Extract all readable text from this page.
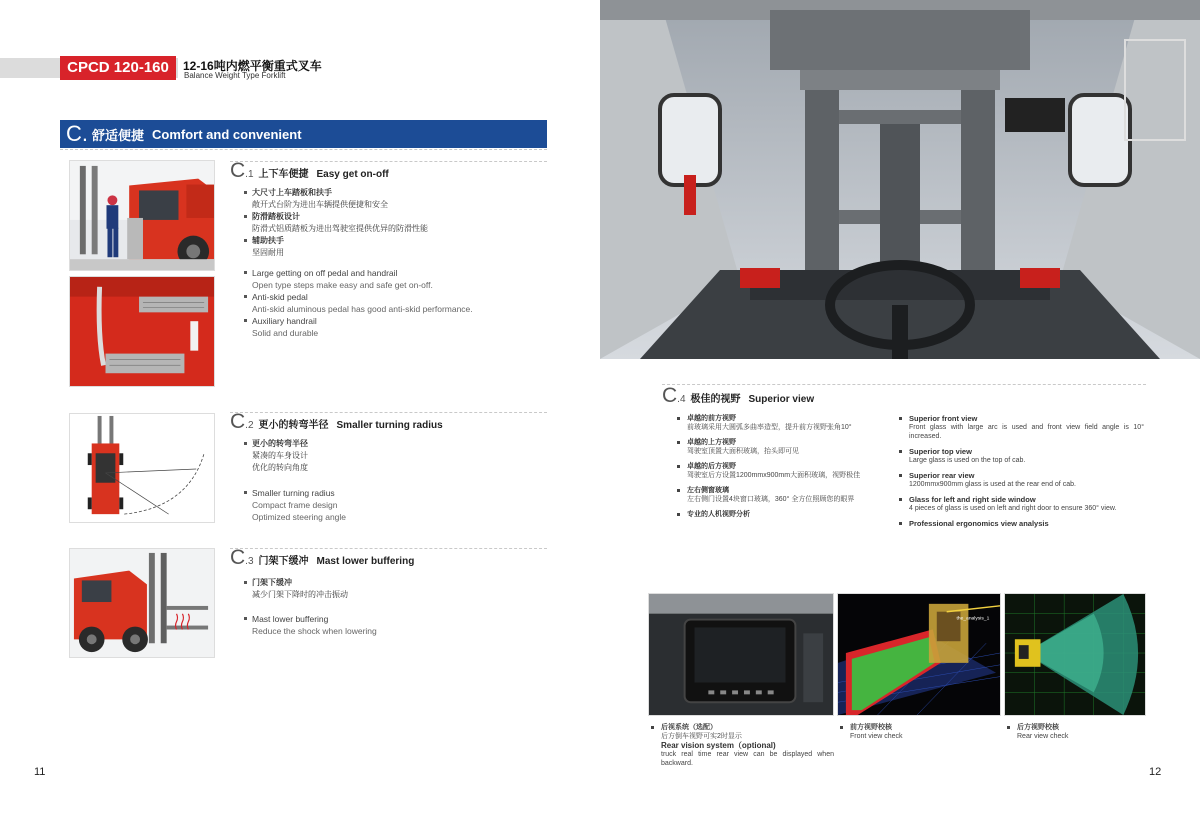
CPCD 120-160	12-16吨内燃平衡重式叉车
Balance Weight Type Forklift
C. 舒适便捷 Comfort and convenient
C .1 上下车便捷 Easy get on-off
大尺寸上车踏板和扶手
敞开式台阶为进出车辆提供便捷和安全
防滑踏板设计
防滑式铝质踏板为进出驾驶室提供优异的防滑性能
辅助扶手
坚固耐用
Large getting on off pedal and handrail
Open type steps make easy and safe get on-off.
Anti-skid pedal
Anti-skid aluminous pedal has good anti-skid performance.
Auxiliary handrail
Solid and durable
C .2 更小的转弯半径 Smaller turning radius
更小的转弯半径
紧凑的车身设计
优化的转向角度
Smaller turning radius
Compact frame design
Optimized steering angle
C .3 门架下缓冲 Mast lower buffering
门架下缓冲
减少门架下降时的冲击振动
Mast lower buffering
Reduce the shock when lowering
11
C .4 极佳的视野 Superior view
卓越的前方视野
前玻璃采用大圆弧多曲率造型，提升前方视野张角10°
卓越的上方视野
驾驶室顶置大面积玻璃，抬头即可见
卓越的后方视野
驾驶室后方设置1200mmx900mm大面积玻璃，视野极佳
左右侧窗玻璃
左右侧门设置4块窗口玻璃，360° 全方位照顾您的眼界
专业的人机视野分析
Superior front view
Front glass with large arc is used and front view field angle is 10° increased.
Superior top view
Large glass is used on the top of cab.
Superior rear view
1200mmx900mm glass is used at the rear end of cab.
Glass for left and right side window
4 pieces of glass is used on left and right door to ensure 360° view.
Professional ergonomics view analysis
the_analysis_1
后视系统（选配）
后方倒车视野可实2时显示
Rear vision system（optional)
truck real time rear view can be displayed when backward.
前方视野校核
Front view check
后方视野校核
Rear view check
12
